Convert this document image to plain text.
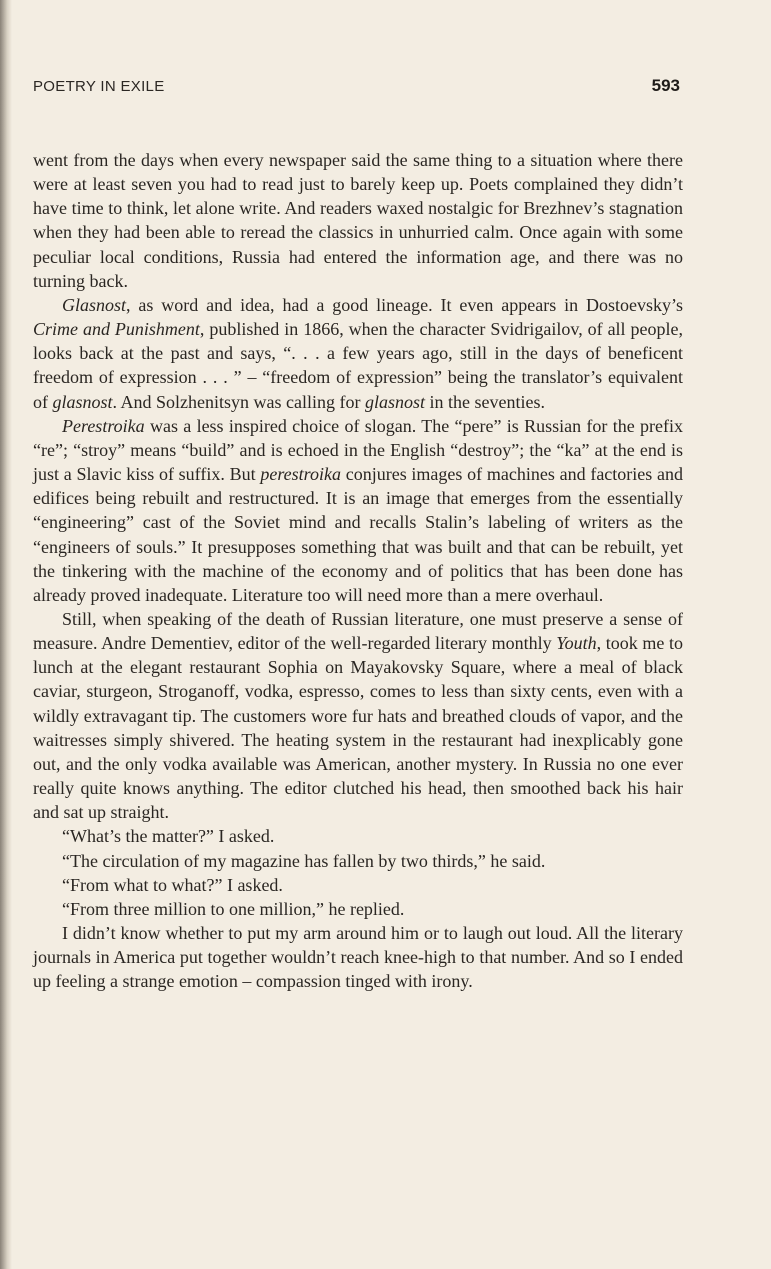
POETRY IN EXILE	593

went from the days when every newspaper said the same thing to a situation where there were at least seven you had to read just to barely keep up. Poets complained they didn’t have time to think, let alone write. And readers waxed nostalgic for Brezhnev’s stagnation when they had been able to reread the classics in unhurried calm. Once again with some peculiar local conditions, Russia had entered the information age, and there was no turning back.

Glasnost, as word and idea, had a good lineage. It even appears in Dostoevsky’s Crime and Punishment, published in 1866, when the character Svidrigailov, of all people, looks back at the past and says, “. . . a few years ago, still in the days of beneficent freedom of expression . . . ” – “freedom of expression” being the translator’s equivalent of glasnost. And Solzhenitsyn was calling for glasnost in the seventies.

Perestroika was a less inspired choice of slogan. The “pere” is Russian for the prefix “re”; “stroy” means “build” and is echoed in the English “destroy”; the “ka” at the end is just a Slavic kiss of suffix. But perestroika conjures images of machines and factories and edifices being rebuilt and restructured. It is an image that emerges from the essentially “engineering” cast of the Soviet mind and recalls Stalin’s labeling of writers as the “engineers of souls.” It presupposes something that was built and that can be rebuilt, yet the tinkering with the machine of the economy and of politics that has been done has already proved inadequate. Literature too will need more than a mere overhaul.

Still, when speaking of the death of Russian literature, one must preserve a sense of measure. Andre Dementiev, editor of the well-regarded literary monthly Youth, took me to lunch at the elegant restaurant Sophia on Mayakovsky Square, where a meal of black caviar, sturgeon, Stroganoff, vodka, espresso, comes to less than sixty cents, even with a wildly extravagant tip. The customers wore fur hats and breathed clouds of vapor, and the waitresses simply shivered. The heating system in the restaurant had inexplicably gone out, and the only vodka available was American, another mystery. In Russia no one ever really quite knows anything. The editor clutched his head, then smoothed back his hair and sat up straight.

“What’s the matter?” I asked.

“The circulation of my magazine has fallen by two thirds,” he said.

“From what to what?” I asked.

“From three million to one million,” he replied.

I didn’t know whether to put my arm around him or to laugh out loud. All the literary journals in America put together wouldn’t reach knee-high to that number. And so I ended up feeling a strange emotion – compassion tinged with irony.
